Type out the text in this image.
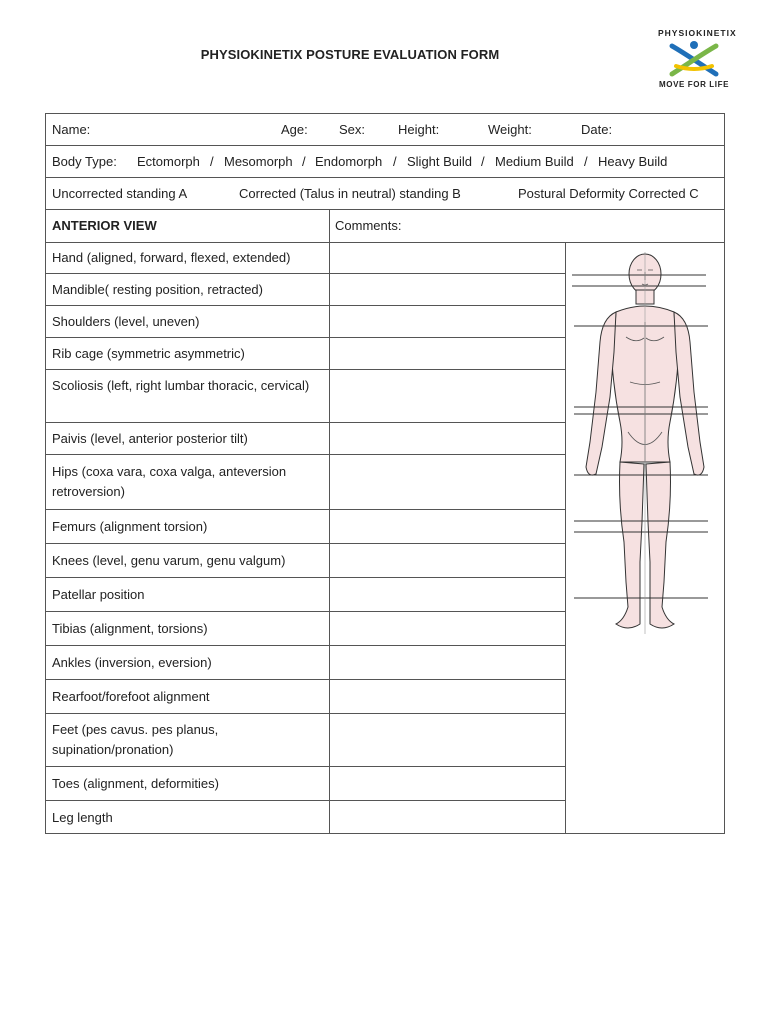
PHYSIOKINETIX POSTURE EVALUATION FORM
PHYSIOKINETIX
MOVE FOR LIFE
Name:	Age: Sex:	Height:	Weight:	Date:
Body Type: Ectomorph / Mesomorph / Endomorph / Slight Build / Medium Build / Heavy Build
Uncorrected standing A	Corrected (Talus in neutral) standing B	Postural Deformity Corrected C
ANTERIOR VIEW	Comments:
Hand (aligned, forward, flexed, extended)
Mandible( resting position, retracted)
Shoulders (level, uneven)
Rib cage (symmetric asymmetric)
Scoliosis (left, right lumbar thoracic, cervical)
Paivis (level, anterior posterior tilt)
Hips (coxa vara, coxa valga, anteversion retroversion)
Femurs (alignment torsion)
Knees (level, genu varum, genu valgum)
Patellar position
Tibias (alignment, torsions)
Ankles (inversion, eversion)
Rearfoot/forefoot alignment
Feet (pes cavus. pes planus, supination/pronation)
Toes (alignment, deformities)
Leg length
